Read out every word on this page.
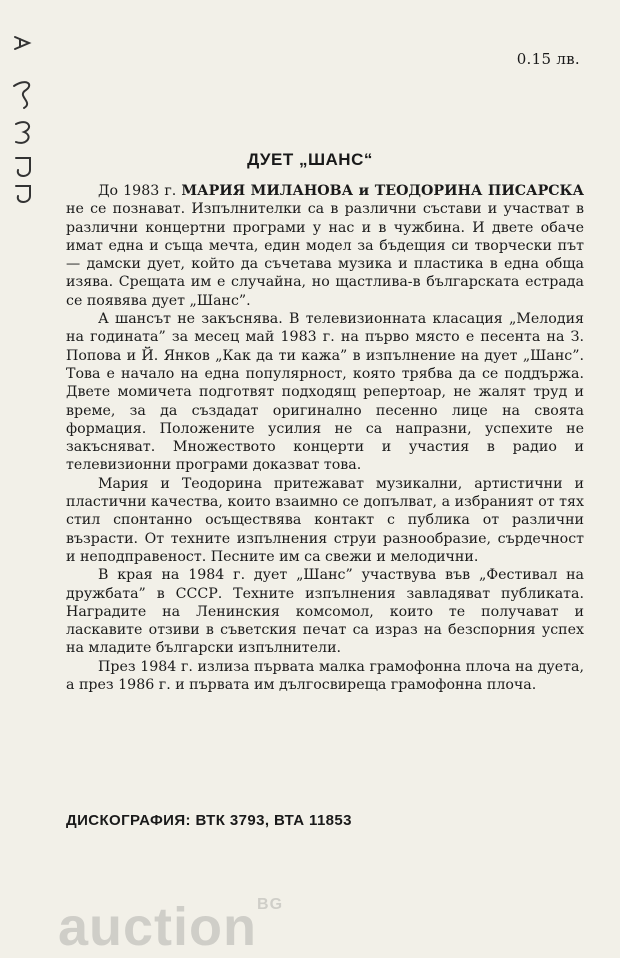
0.15 лв.
ДУЕТ „ШАНС“

До 1983 г. МАРИЯ МИЛАНОВА и ТЕОДОРИНА ПИСАРСКА не се познават. Изпълнителки са в различни състави и участват в различни концертни програми у нас и в чужбина. И двете обаче имат една и съща мечта, един модел за бъдещия си творчески път — дамски дует, който да съчетава музика и пластика в една обща изява. Срещата им е случайна, но щастлива-в българската естрада се появява дует „Шанс”.

А шансът не закъснява. В телевизионната класация „Мелодия на годината” за месец май 1983 г. на първо място е песента на З. Попова и Й. Янков „Как да ти кажа” в изпълнение на дует „Шанс”. Това е начало на една популярност, която трябва да се поддържа. Двете момичета подготвят подходящ репертоар, не жалят труд и време, за да създадат оригинално песенно лице на своята формация. Положените усилия не са напразни, успехите не закъсняват. Множеството концерти и участия в радио и телевизионни програми доказват това.

Мария и Теодорина притежават музикални, артистични и пластични качества, които взаимно се допълват, а избраният от тях стил спонтанно осъществява контакт с публика от различни възрасти. От техните изпълнения струи разнообразие, сърдечност и неподправеност. Песните им са свежи и мелодични.

В края на 1984 г. дует „Шанс” участвува във „Фестивал на дружбата” в СССР. Техните изпълнения завладяват публиката. Наградите на Ленинския комсомол, които те получават и ласкавите отзиви в съветския печат са израз на безспорния успех на младите български изпълнители.

През 1984 г. излиза първата малка грамофонна плоча на дуета, а през 1986 г. и първата им дългосвиреща грамофонна плоча.

ДИСКОГРАФИЯ: ВТК 3793, ВТА 11853
auction$^{BG}$
